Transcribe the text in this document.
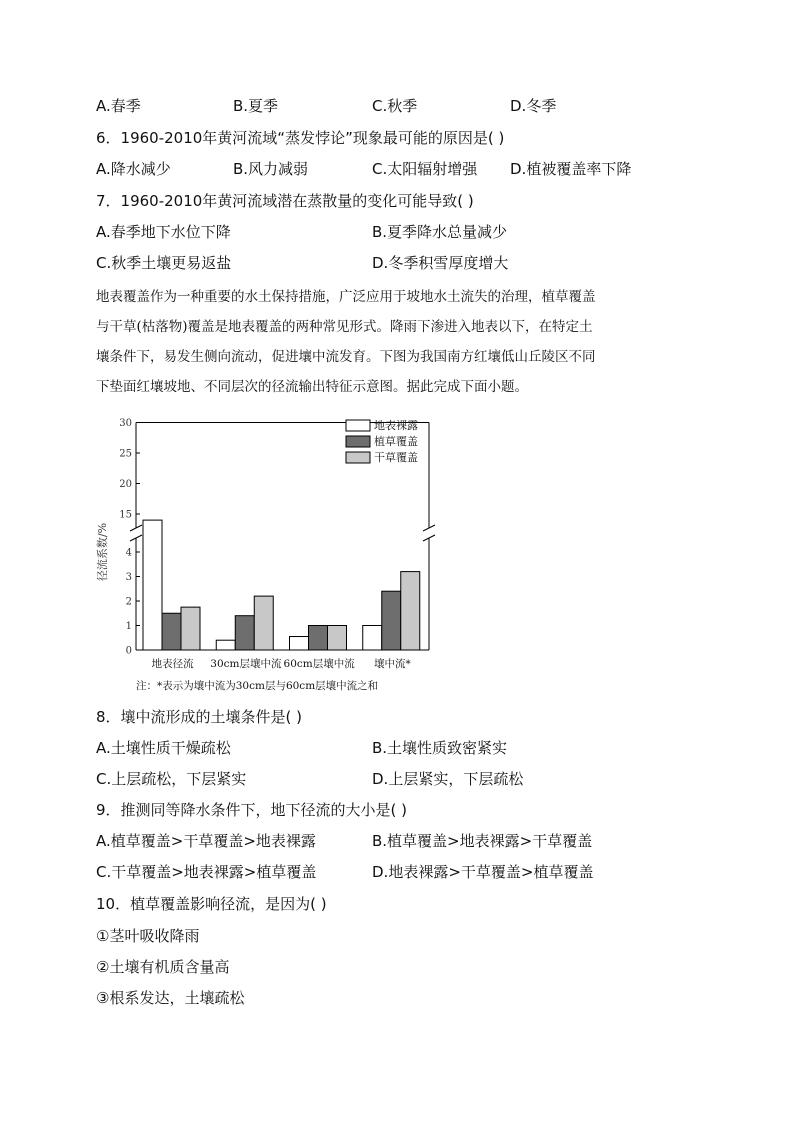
A.春季	B.夏季	C.秋季	D.冬季
6．1960-2010年黄河流域“蒸发悖论”现象最可能的原因是( )
A.降水减少	B.风力减弱	C.太阳辐射增强 D.植被覆盖率下降
7．1960-2010年黄河流域潜在蒸散量的变化可能导致( )
A.春季地下水位下降	B.夏季降水总量减少
C.秋季土壤更易返盐	D.冬季积雪厚度增大
地表覆盖作为一种重要的水土保持措施，广泛应用于坡地水土流失的治理，植草覆盖
与干草(枯落物)覆盖是地表覆盖的两种常见形式。降雨下渗进入地表以下，在特定土
壤条件下，易发生侧向流动，促进壤中流发育。下图为我国南方红壤低山丘陵区不同
下垫面红壤坡地、不同层次的径流输出特征示意图。据此完成下面小题。
0
1
2
3
4
15
20
25
30
径流系数/%
地表径流 30cm层壤中流 60cm层壤中流 壤中流*
地表裸露
植草覆盖
干草覆盖
注：*表示为壤中流为30cm层与60cm层壤中流之和
8．壤中流形成的土壤条件是( )
A.土壤性质干燥疏松	B.土壤性质致密紧实
C.上层疏松，下层紧实	D.上层紧实，下层疏松
9．推测同等降水条件下，地下径流的大小是( )
A.植草覆盖>干草覆盖>地表裸露	B.植草覆盖>地表裸露>干草覆盖
C.干草覆盖>地表裸露>植草覆盖	D.地表裸露>干草覆盖>植草覆盖
10．植草覆盖影响径流，是因为( )
①茎叶吸收降雨
②土壤有机质含量高
③根系发达，土壤疏松
